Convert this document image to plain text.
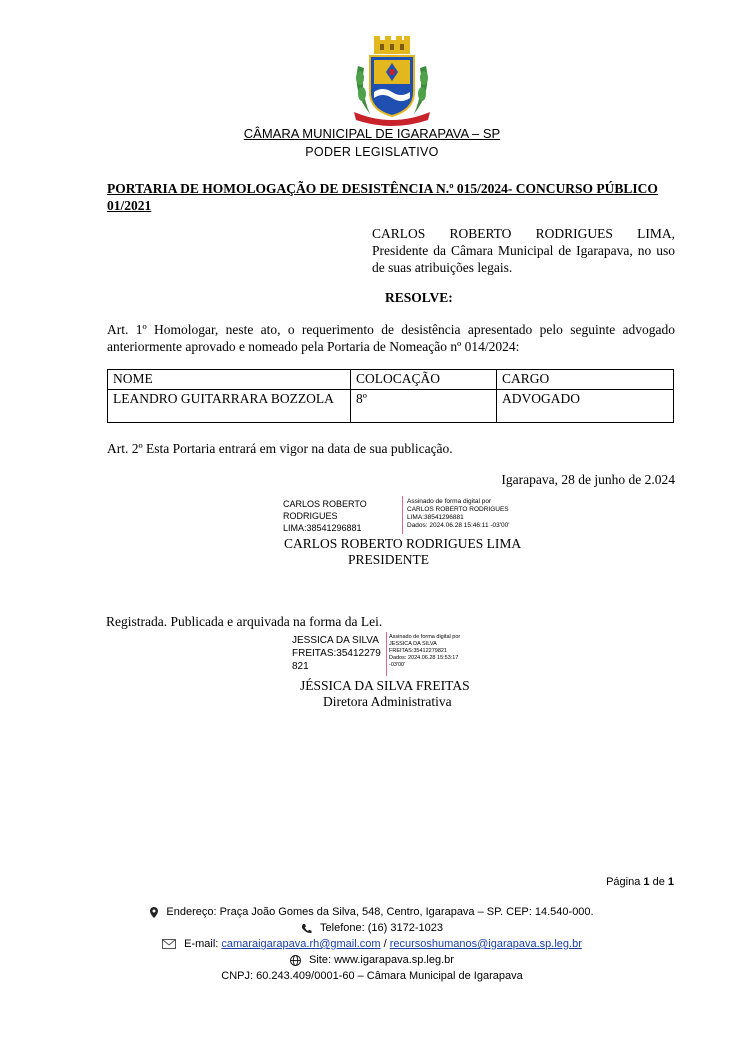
CÂMARA MUNICIPAL DE IGARAPAVA – SP
PODER LEGISLATIVO
PORTARIA DE HOMOLOGAÇÃO DE DESISTÊNCIA N.º 015/2024- CONCURSO PÚBLICO 01/2021
CARLOS ROBERTO RODRIGUES LIMA,
Presidente da Câmara Municipal de Igarapava, no uso de suas atribuições legais.
RESOLVE:
Art. 1º Homologar, neste ato, o requerimento de desistência apresentado pelo seguinte advogado
anteriormente aprovado e nomeado pela Portaria de Nomeação nº 014/2024:
NOME	COLOCAÇÃO	CARGO
LEANDRO GUITARRARA BOZZOLA	8º	ADVOGADO
Art. 2º Esta Portaria entrará em vigor na data de sua publicação.
Igarapava, 28 de junho de 2.024
CARLOS ROBERTO
RODRIGUES
LIMA:38541296881
Assinado de forma digital por
CARLOS ROBERTO RODRIGUES
LIMA:38541296881
Dados: 2024.06.28 15:46:11 -03'00'
CARLOS ROBERTO RODRIGUES LIMA
PRESIDENTE
Registrada. Publicada e arquivada na forma da Lei.
JESSICA DA SILVA
FREITAS:35412279
821
Assinado de forma digital por
JESSICA DA SILVA
FREITAS:35412279821
Dados: 2024.06.28 15:53:17
-03'00'
JÉSSICA DA SILVA FREITAS
Diretora Administrativa
Página 1 de 1
Endereço: Praça João Gomes da Silva, 548, Centro, Igarapava – SP. CEP: 14.540-000.
Telefone: (16) 3172-1023
E-mail: camaraigarapava.rh@gmail.com / recursoshumanos@igarapava.sp.leg.br
Site: www.igarapava.sp.leg.br
CNPJ: 60.243.409/0001-60 – Câmara Municipal de Igarapava
